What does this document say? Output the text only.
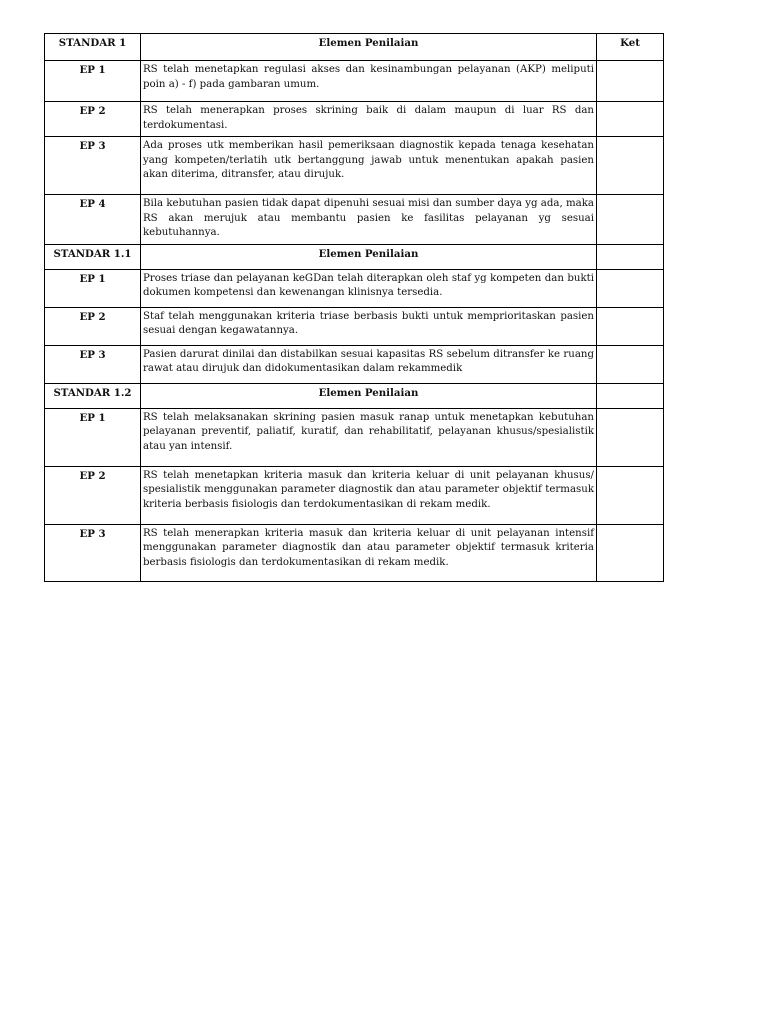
STANDAR 1	Elemen Penilaian	Ket
EP 1	RS telah menetapkan regulasi akses dan kesinambungan pelayanan (AKP) meliputi poin a) - f) pada gambaran umum.	
EP 2	RS telah menerapkan proses skrining baik di dalam maupun di luar RS dan terdokumentasi.	
EP 3	Ada proses utk memberikan hasil pemeriksaan diagnostik kepada tenaga kesehatan yang kompeten/terlatih utk bertanggung jawab untuk menentukan apakah pasien akan diterima, ditransfer, atau dirujuk.	
EP 4	Bila kebutuhan pasien tidak dapat dipenuhi sesuai misi dan sumber daya yg ada, maka RS akan merujuk atau membantu pasien ke fasilitas pelayanan yg sesuai kebutuhannya.	
STANDAR 1.1	Elemen Penilaian	
EP 1	Proses triase dan pelayanan keGDan telah diterapkan oleh staf yg kompeten dan bukti dokumen kompetensi dan kewenangan klinisnya tersedia.	
EP 2	Staf telah menggunakan kriteria triase berbasis bukti untuk memprioritaskan pasien sesuai dengan kegawatannya.	
EP 3	Pasien darurat dinilai dan distabilkan sesuai kapasitas RS sebelum ditransfer ke ruang rawat atau dirujuk dan didokumentasikan dalam rekammedik	
STANDAR 1.2	Elemen Penilaian	
EP 1	RS telah melaksanakan skrining pasien masuk ranap untuk menetapkan kebutuhan pelayanan preventif, paliatif, kuratif, dan rehabilitatif, pelayanan khusus/spesialistik atau yan intensif.	
EP 2	RS telah menetapkan kriteria masuk dan kriteria keluar di unit pelayanan khusus/ spesialistik menggunakan parameter diagnostik dan atau parameter objektif termasuk kriteria berbasis fisiologis dan terdokumentasikan di rekam medik.	
EP 3	RS telah menerapkan kriteria masuk dan kriteria keluar di unit pelayanan intensif menggunakan parameter diagnostik dan atau parameter objektif termasuk kriteria berbasis fisiologis dan terdokumentasikan di rekam medik.	
